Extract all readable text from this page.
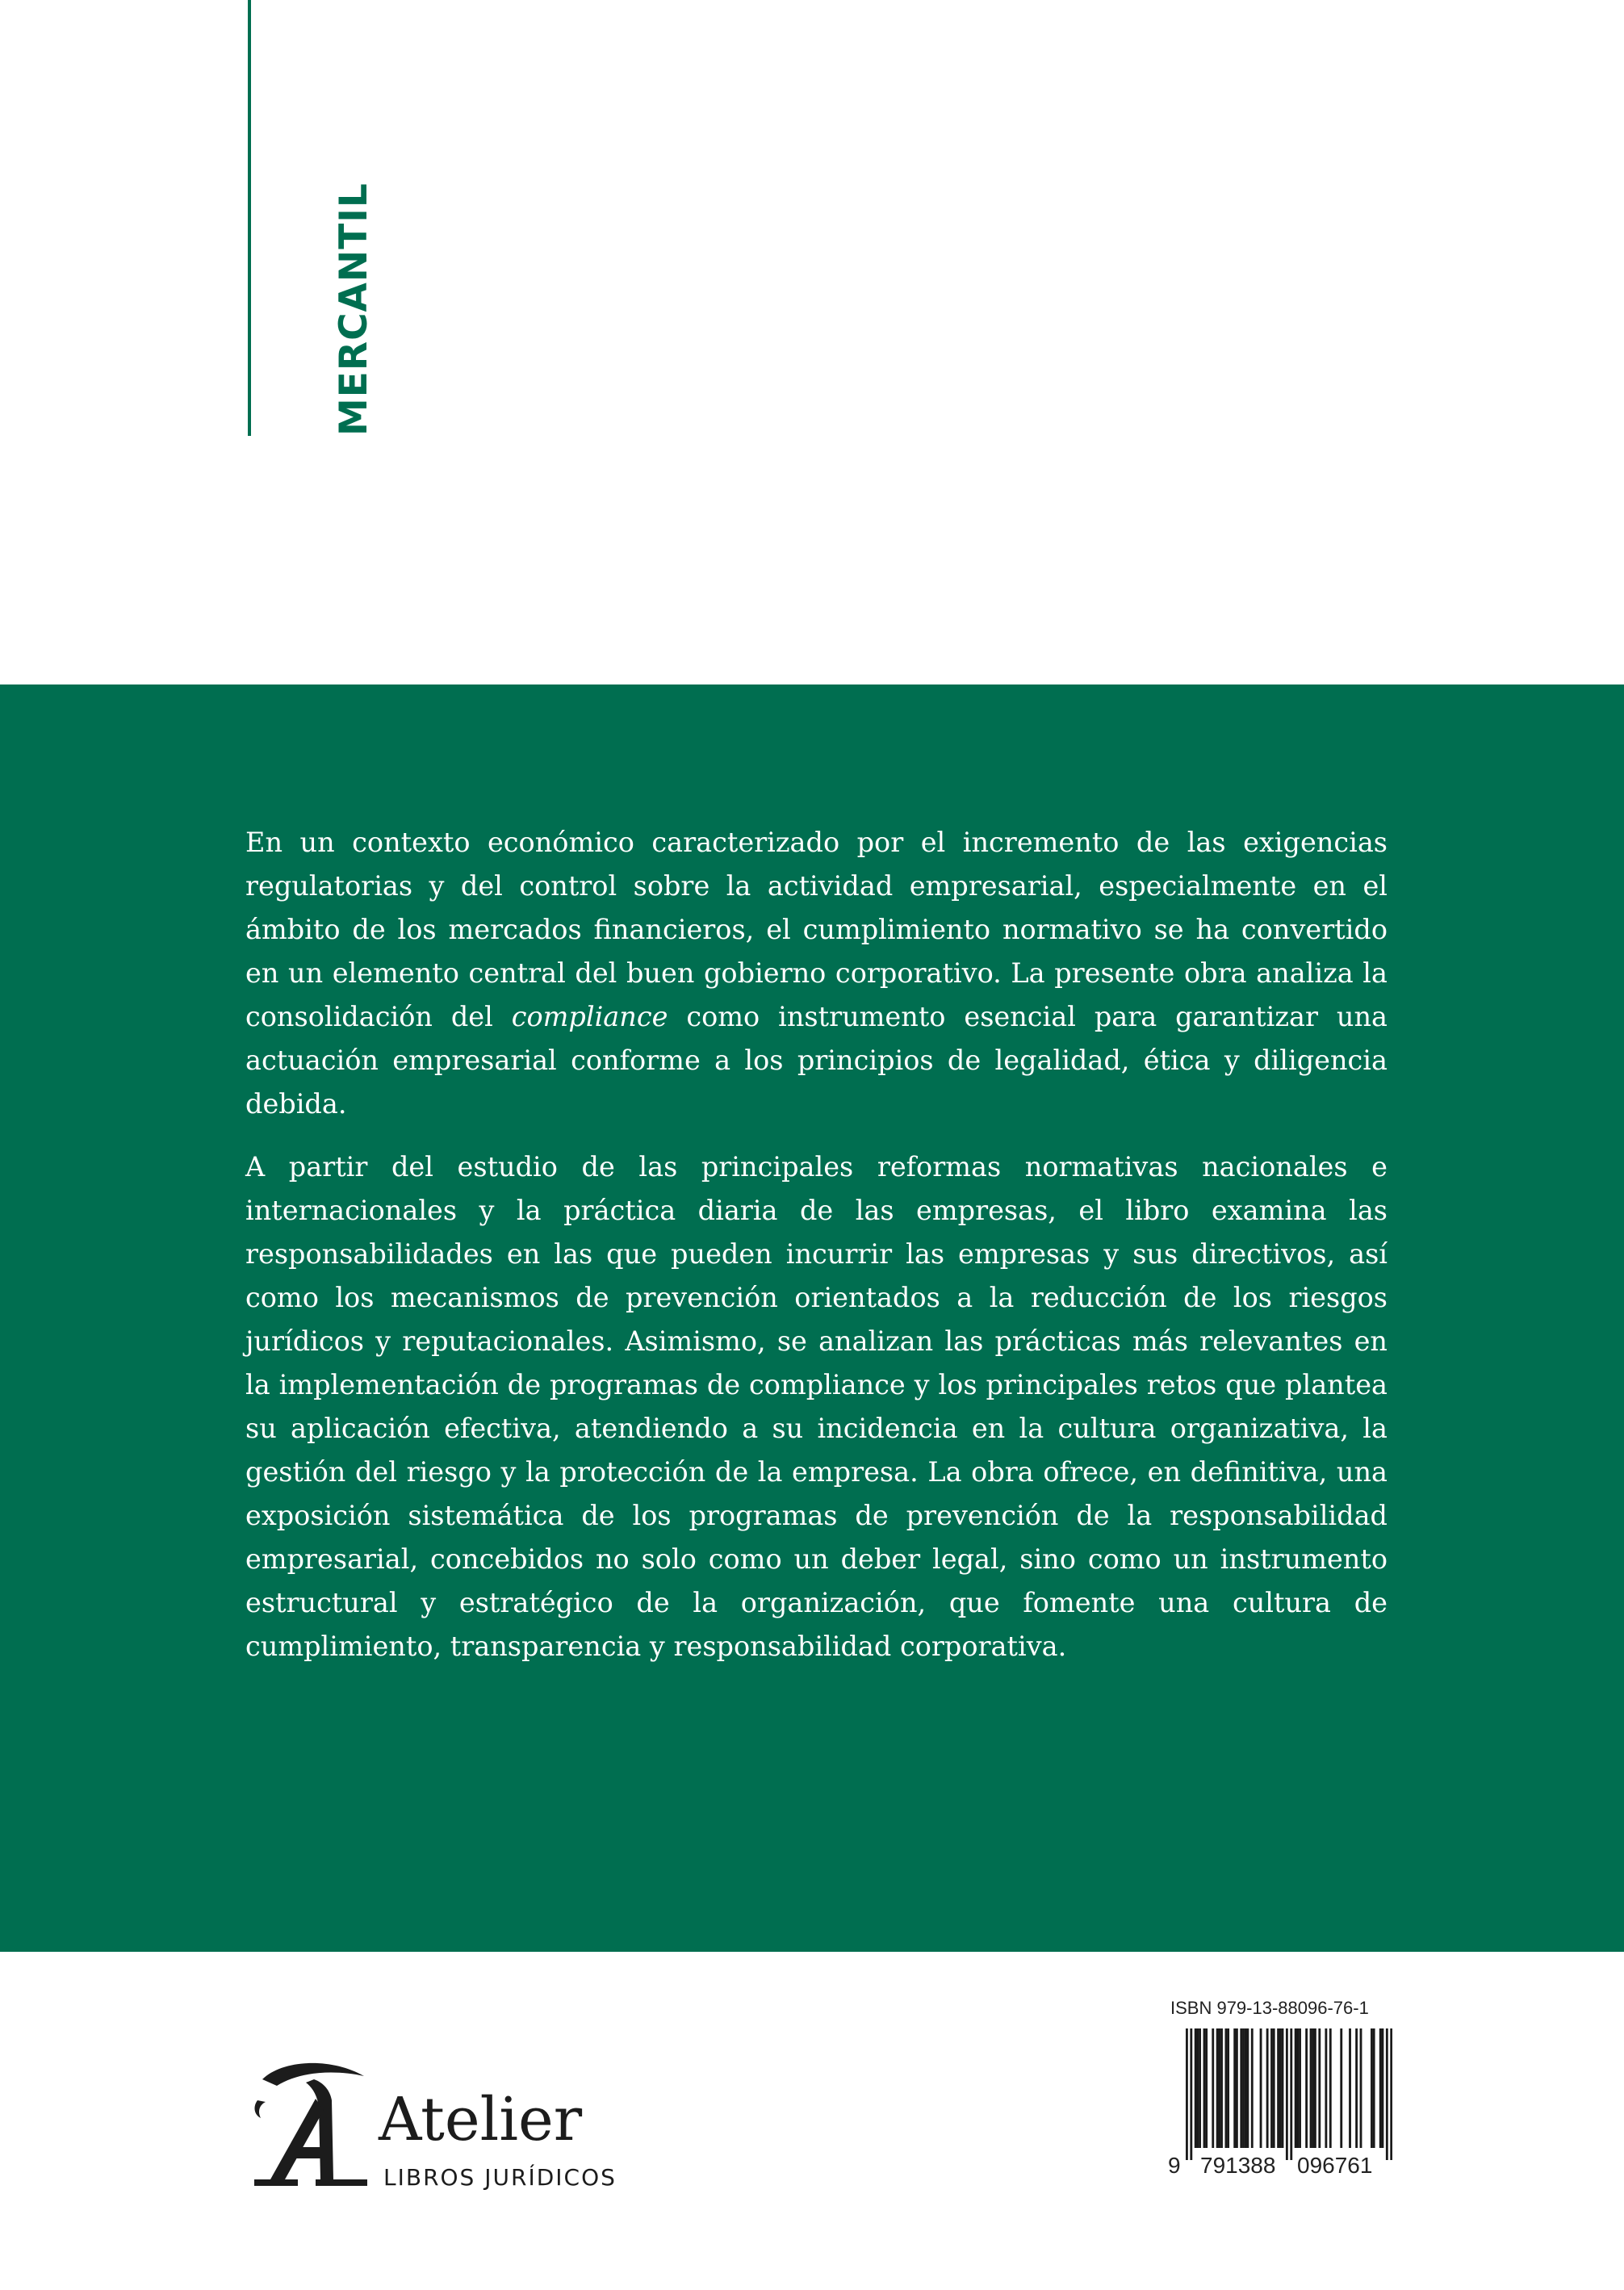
MERCANTIL

En un contexto económico caracterizado por el incremento de las exigencias regulatorias y del control sobre la actividad empresarial, especialmente en el ámbito de los mercados financieros, el cumplimiento normativo se ha convertido en un elemento central del buen gobierno corporativo. La presente obra analiza la consolidación del compliance como instrumento esencial para garantizar una actuación empresarial conforme a los principios de legalidad, ética y diligencia debida.

A partir del estudio de las principales reformas normativas nacionales e internacionales y la práctica diaria de las empresas, el libro examina las responsabilidades en las que pueden incurrir las empresas y sus directivos, así como los mecanismos de prevención orientados a la reducción de los riesgos jurídicos y reputacionales. Asimismo, se analizan las prácticas más relevantes en la implementación de programas de compliance y los principales retos que plantea su aplicación efectiva, atendiendo a su incidencia en la cultura organizativa, la gestión del riesgo y la protección de la empresa. La obra ofrece, en definitiva, una exposición sistemática de los programas de prevención de la responsabilidad empresarial, concebidos no solo como un deber legal, sino como un instrumento estructural y estratégico de la organización, que fomente una cultura de cumplimiento, transparencia y responsabilidad corporativa.

Atelier
LIBROS JURÍDICOS
ISBN 979-13-88096-76-1
9 791388 096761
